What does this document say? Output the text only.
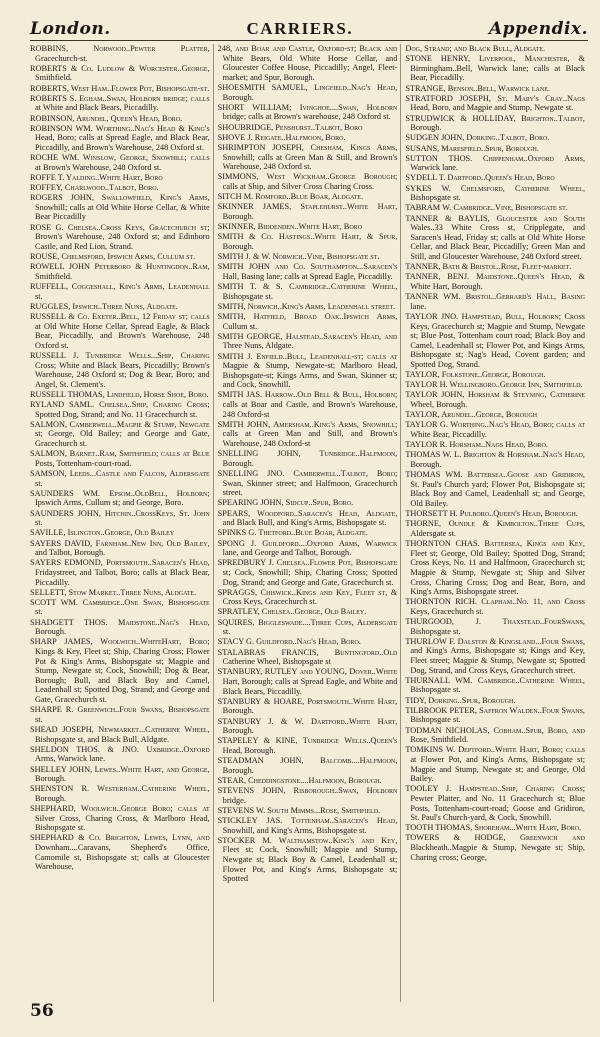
London.	CARRIERS.	Appendix.

ROBBINS, Norwood..Pewter Platter, Gracechurch-st.

ROBERTS & Co. Ludlow & Worcester..George, Smithfield.

ROBERTS, West Ham..Flower Pot, Bishopsgate-st.

ROBERTS S. Egham..Swan, Holborn bridge; calls at White and Black Bears, Piccadilly.

ROBINSON, Arundel, Queen's Head, Boro.

ROBINSON WM. Worthing..Nag's Head & King's Head, Boro; calls at Spread Eagle, and Black Bear, Piccadilly, and Brown's Warehouse, 248 Oxford st.

ROCHE WM. Winslow, George, Snowhill; calls at Brown's Warehouse, 248 Oxford st.

ROFFE T. Yalding..White Hart, Boro

ROFFEY, Charlwood..Talbot, Boro.

ROGERS JOHN, Swallowfield, King's Arms, Snowhill; calls at Old White Horse Cellar, & White Bear Piccadilly

ROSE G. Chelsea..Cross Keys, Gracechurch st; Brown's Warehouse, 248 Oxford st; and Edinboro Castle, and Red Lion, Strand.

ROUSE, Chelmsford, Ipswich Arms, Cullum st.

ROWELL JOHN Peterboro & Huntingdon..Ram, Smithfield.

RUFFELL, Coggeshall, King's Arms, Leadenhall st.

RUGGLES, Ipswich..Three Nuns, Aldgate.

RUSSELL & Co. Exeter..Bell, 12 Friday st; calls at Old White Horse Cellar, Spread Eagle, & Black Bear, Piccadilly, and Brown's Warehouse, 248 Oxford st.

RUSSELL J. Tunbridge Wells...Ship, Charing Cross; White and Black Bears, Piccadilly; Brown's Warehouse, 248 Oxford st; Dog & Bear, Boro; and Angel, St. Clement's.

RUSSELL THOMAS, Lindfield, Horse Shoe, Boro.

RYLAND SAML. Chelsea..Ship, Charing Cross; Spotted Dog, Strand; and No. 11 Gracechurch st.

SALMON, Camberwell..Magpie & Stump, Newgate st; George, Old Bailey; and George and Gate, Gracechurch st.

SALMON, Barnet..Ram, Smithfield; calls at Blue Posts, Tottenham-court-road.

SAMSON, Leeds...Castle and Falcon, Aldersgate st.

SAUNDERS WM. Epsom..OldBell, Holborn; Ipswich Arms, Cullum st; and George, Boro.

SAUNDERS JOHN, Hitchin..CrossKeys, St. John st.

SAVILLE, Islington..George, Old Bailey

SAYERS DAVID, Farnham..New Inn, Old Bailey, and Talbot, Borough.

SAYERS EDMOND, Portsmouth..Saracen's Head, Fridaystreet, and Talbot, Boro; calls at Black Bear, Piccadilly.

SELLETT, Stow Market..Three Nuns, Aldgate.

SCOTT WM. Cambridge..One Swan, Bishopsgate st.

SHADGETT THOS. Maidstone..Nag's Head, Borough.

SHARP JAMES, Woolwich..WhiteHart, Boro; Kings & Key, Fleet st; Ship, Charing Cross; Flower Pot & King's Arms, Bishopsgate st; Magpie and Stump, Newgate st; Cock, Snowhill; Dog & Bear, Borough; Bull, and Black Boy and Camel, Leadenhall st; Spotted Dog, Strand; and George and Gate, Gracechurch st.

SHARPE R. Greenwich..Four Swans, Bishopsgate st.

SHEAD JOSEPH, Newmarket...Catherine Wheel, Bishopsgate st, and Black Bull, Aldgate.

SHELDON THOS. & JNO. Uxbridge..Oxford Arms, Warwick lane.

SHELLEY JOHN, Lewes..White Hart, and George, Borough.

SHENSTON R. Westerham..Catherine Wheel, Borough.

SHEPHARD, Woolwich..George Boro; calls at Silver Cross, Charing Cross, & Marlboro Head, Bishopsgate st.

SHEPHARD & Co. Brighton, Lewes, Lynn, and Downham....Caravans, Shepherd's Office, Camomile st, Bishopsgate st; calls at Gloucester Warehouse,

248, and Boar and Castle, Oxford-st; Black and White Bears, Old White Horse Cellar, and Gloucester Coffee House, Piccadilly; Angel, Fleet-market; and Spur, Borough.

SHOESMITH SAMUEL, Lingfield..Nag's Head, Borough.

SHORT WILLIAM; Ivinghoe....Swan, Holborn bridge; calls at Brown's warehouse, 248 Oxford st.

SHOUBRIDGE, Penshurst..Talbot, Boro

SHOVE J. Reigate..Halfmoon, Boro.

SHRIMPTON JOSEPH, Chesham, Kings Arms, Snowhill; calls at Green Man & Still, and Brown's Warehouse, 248 Oxford st.

SIMMONS, West Wickham..George Borough; calls at Ship, and Silver Cross Charing Cross.

SITCH M. Romford..Blue Boar, Aldgate.

SKINNER JAMES, Staplehurst..White Hart, Borough.

SKINNER, Biddenden..White Hart, Boro

SMITH & Co. Hastings..White Hart, & Spur, Borough.

SMITH J. & W. Norwich..Vine, Bishopsgate st.

SMITH JOHN and Co. Southampton...Saracen's Hall, Basing lane; calls at Spread Eagle, Piccadilly.

SMITH T. & S. Cambridge..Catherine Wheel, Bishopsgate st.

SMITH, Norwich..King's Arms, Leadenhall street.

SMITH, Hatfield, Broad Oak..Ipswich Arms, Cullum st.

SMITH GEORGE, Halstead..Saracen's Head, and Three Nuns, Aldgate.

SMITH J. Enfield..Bull, Leadenhall-st; calls at Magpie & Stump, Newgate-st; Marlboro Head, Bishopsgate-st; Kings Arms, and Swan, Skinner st; and Cock, Snowhill.

SMITH JAS. Harrow..Old Bell & Bull, Holborn; calls at Boar and Castle, and Brown's Warehouse, 248 Oxford-st

SMITH JOHN, Amersham..King's Arms, Snowhill; calls at Green Man and Still, and Brown's Warehouse, 248 Oxford-st

SNELLING JOHN, Tunbridge..Halfmoon, Borough.

SNELLING JNO. Camberwell..Talbot, Boro; Swan, Skinner street; and Halfmoon, Gracechurch street.

SPEARING JOHN, Sidcup..Spur, Boro.

SPEARS, Woodford..Saracen's Head, Aldgate, and Black Bull, and King's Arms, Bishopsgate st.

SPINKS G. Thetford..Blue Boar, Aldgate.

SPONG J. Guildford....Oxford Arms, Warwick lane, and George and Talbot, Borough.

SPREDBURY J. Chelsea..Flower Pot, Bishopsgate st; Cock, Snowhill; Ship, Charing Cross; Spotted Dog, Strand; and George and Gate, Gracechurch st.

SPRAGGS, Chiswick..Kings and Key, Fleet st, & Cross Keys, Gracechurch st.

SPRATLEY, Chelsea..George, Old Bailey.

SQUIRES, Biggleswade....Three Cups, Aldersgate st.

STACY G. Guildford..Nag's Head, Boro.

STALABRAS FRANCIS, Buntingford..Old Catherine Wheel, Bishopsgate st

STANBURY, RUTLEY and YOUNG, Dover..White Hart, Borough; calls at Spread Eagle, and White and Black Bears, Piccadilly.

STANBURY & HOARE, Portsmouth..White Hart, Borough.

STANBURY J. & W. Dartford..White Hart, Borough.

STAPELEY & KINE, Tunbridge Wells..Queen's Head, Borough.

STEADMAN JOHN, Balcomb....Halfmoon, Borough.

STEAR, Cheddingstone....Halfmoon, Borough.

STEVENS JOHN, Risborough..Swan, Holborn bridge.

STEVENS W. South Mimms...Rose, Smithfield.

STICKLEY JAS. Tottenham..Saracen's Head, Snowhill, and King's Arms, Bishopsgate st.

STOCKER M. Walthamstow..King's and Key, Fleet st; Cock, Snowhill; Magpie and Stump, Newgate st; Black Boy & Camel, Leadenhall st; Flower Pot, and King's Arms, Bishopsgate st; Spotted

Dog, Strand; and Black Bull, Aldgate.

STONE HENRY, Liverpool, Manchester, & Birmingham..Bell, Warwick lane; calls at Black Bear, Piccadilly.

STRANGE, Benson..Bell, Warwick lane.

STRATFORD JOSEPH, St. Mary's Cray..Nags Head, Boro, and Magpie and Stump, Newgate st.

STRUDWICK & HOLLIDAY, Brighton..Talbot, Borough.

SUDGEN JOHN, Dorking..Talbot, Boro.

SUSANS, Maresfield..Spur, Borough.

SUTTON THOS. Chippenham..Oxford Arms, Warwick lane.

SYDELL T. Dartford..Queen's Head, Boro

SYKES W. Chelmsford, Catherine Wheel, Bishopsgate st.

TABRAM W. Cambridge..Vine, Bishopsgate st.

TANNER & BAYLIS, Gloucester and South Wales..33 White Cross st, Cripplegate, and Saracen's Head, Friday st; calls at Old White Horse Cellar, and Black Bear, Piccadilly; Green Man and Still, and Gloucester Warehouse, 248 Oxford street.

TANNER, Bath & Bristol..Rose, Fleet-market.

TANNER, BENJ. Maidstone..Queen's Head, & White Hart, Borough.

TANNER WM. Bristol..Gerrard's Hall, Basing lane.

TAYLOR JNO. Hampstead, Bull, Holborn; Cross Keys, Gracechurch st; Magpie and Stump, Newgate st; Blue Post, Tottenham court road; Black Boy and Camel, Leadenhall st; Flower Pot, and Kings Arms, Bishopsgate st; Nag's Head, Covent garden; and Spotted Dog, Strand.

TAYLOR, Folkstone..George, Borough.

TAYLOR H. Wellingboro..George Inn, Smithfield.

TAYLOR JOHN, Horsham & Steyning, Catherine Wheel, Borough.

TAYLOR, Arundel..George, Borough

TAYLOR G. Worthing..Nag's Head, Boro; calls at White Bear, Piccadilly.

TAYLOR R. Horsham..Nags Head, Boro.

THOMAS W. L. Brighton & Horsham..Nag's Head, Borough.

THOMAS WM. Battersea..Goose and Gridiron, St. Paul's Church yard; Flower Pot, Bishopsgate st; Black Boy and Camel, Leadenhall st; and George, Old Bailey.

THORSETT H. Pulboro..Queen's Head, Borough.

THORNE, Oundle & Kimbolton..Three Cups, Aldersgate st.

THORNTON CHAS. Battersea, Kings and Key, Fleet st; George, Old Bailey; Spotted Dog, Strand; Cross Keys, No. 11 and Halfmoon, Gracechurch st; Magpie & Stump, Newgate st; Ship and Silver Cross, Charing Cross; Dog and Bear, Boro, and King's Arms, Bishopsgate street.

THORNTON RICH. Clapham..No. 11, and Cross Keys, Gracechurch st.

THURGOOD, J. Thaxstead..FourSwans, Bishopsgate st.

THURLOW F. Dalston & Kingsland...Four Swans, and King's Arms, Bishopsgate st; Kings and Key, Fleet street; Magpie & Stump, Newgate st; Spotted Dog, Strand, and Cross Keys, Gracechurch street.

THURNALL WM. Cambridge..Catherine Wheel, Bishopsgate st.

TIDY, Dorking..Spur, Borough.

TILBROOK PETER, Saffron Walden..Four Swans, Bishopsgate st.

TODMAN NICHOLAS, Cobham..Spur, Boro, and Rose, Smithfield.

TOMKINS W. Deptford..White Hart, Boro; calls at Flower Pot, and King's Arms, Bishopsgate st; Magpie and Stump, Newgate st; and George, Old Bailey.

TOOLEY J. Hampstead..Ship, Charing Cross; Pewter Platter, and No. 11 Gracechurch st; Blue Posts, Tottenham-court-road; Goose and Gridiron, St. Paul's Church-yard, & Cock, Snowhill.

TOOTH THOMAS, Shoreham...White Hart, Boro.

TOWERS & HODGE, Greenwich and Blackheath..Magpie & Stump, Newgate st; Ship, Charing cross; George,

56
